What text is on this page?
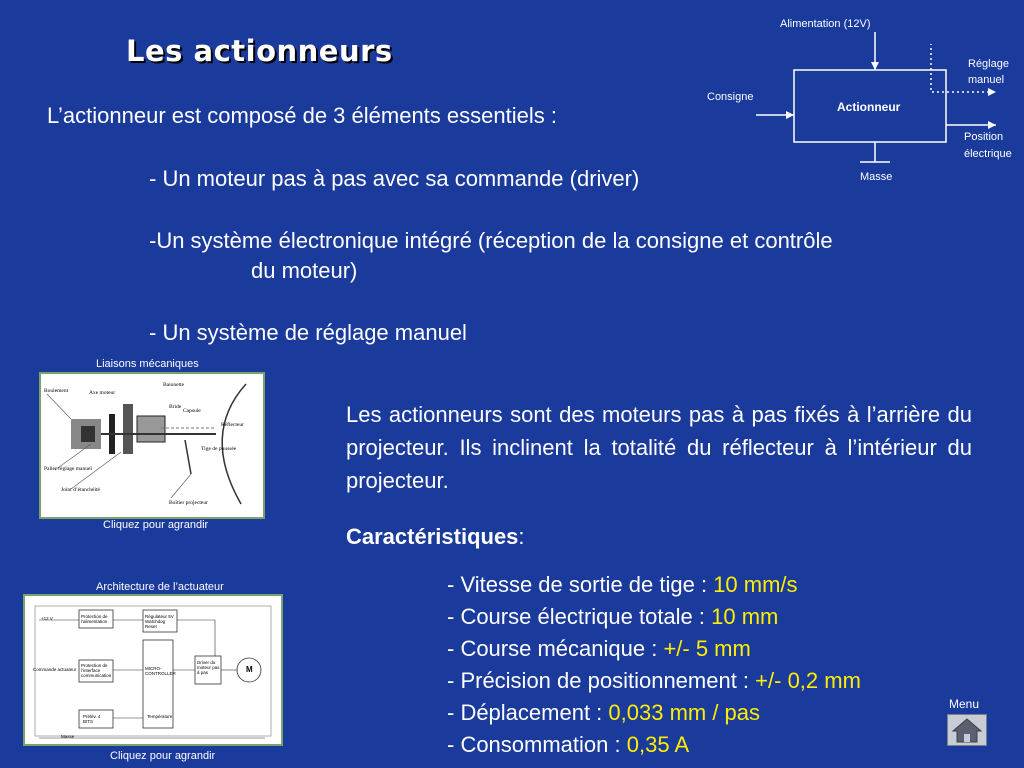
Les actionneurs
L’actionneur est composé de 3 éléments essentiels :
- Un moteur pas à pas avec sa commande (driver)
-Un système électronique intégré (réception de la consigne et contrôle
du moteur)
- Un système de réglage manuel
Alimentation (12V)
Consigne
Actionneur
Masse
Réglage
manuel
Position
électrique
Liaisons mécaniques
Roulement	Axe moteur
Baionette
Bride
Capsule
Réflecteur
Tige de poussée
Palier réglage manuel
Joint d’étanchéité
Boîtier projecteur
Cliquez pour agrandir
Les actionneurs sont des moteurs pas à pas fixés à l’arrière du projecteur. Ils inclinent la totalité du réflecteur à l’intérieur du projecteur.
Caractéristiques:
Architecture de l’actuateur
+12 V	Protection de l’alimentation
Régulateur 5V Watchdog Reset
Driver du moteur pas à pas
Commande actuateur
Protection de l’interface communication
MICRO-CONTROLLER
Prélèv. 4 BITS
Température
Masse
M
Cliquez pour agrandir
- Vitesse de sortie de tige : 10 mm/s
- Course électrique totale : 10 mm
- Course mécanique : +/- 5 mm
- Précision de positionnement : +/- 0,2 mm
- Déplacement : 0,033 mm / pas
- Consommation : 0,35 A
Menu
